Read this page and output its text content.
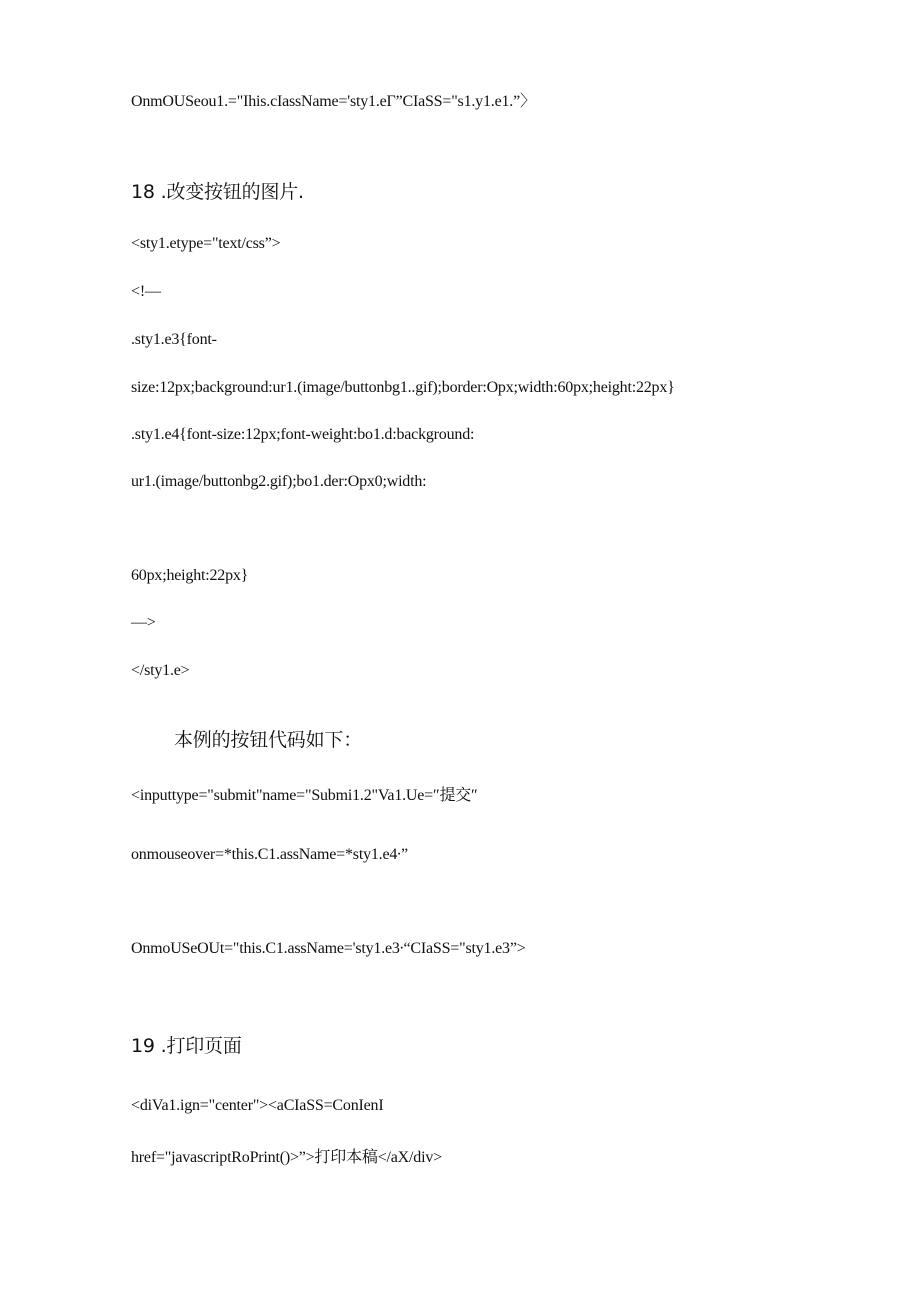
OnmOUSeou1.="Ihis.cIassName='sty1.eΓ”CIaSS="s1.y1.e1.”〉
18 .改变按钮的图片.
<sty1.etype="text/css”>
<!—
.sty1.e3{font-
size:12px;background:ur1.(image/buttonbg1..gif);border:Opx;width:60px;height:22px}
.sty1.e4{font-size:12px;font-weight:bo1.d:background:
ur1.(image/buttonbg2.gif);bo1.der:Opx0;width:
60px;height:22px}
—>
</sty1.e>
本例的按钮代码如下：
<inputtype="submit"name="Submi1.2"Va1.Ue=″提交″
onmouseover=*this.C1.assName=*sty1.e4∙”
OnmoUSeOUt="this.C1.assName='sty1.e3∙“CIaSS="sty1.e3”>
19 .打印页面
<diVa1.ign="center"><aCIaSS=ConIenI
href="javascriptRoPrint()>”>打印本稿</aX/div>
